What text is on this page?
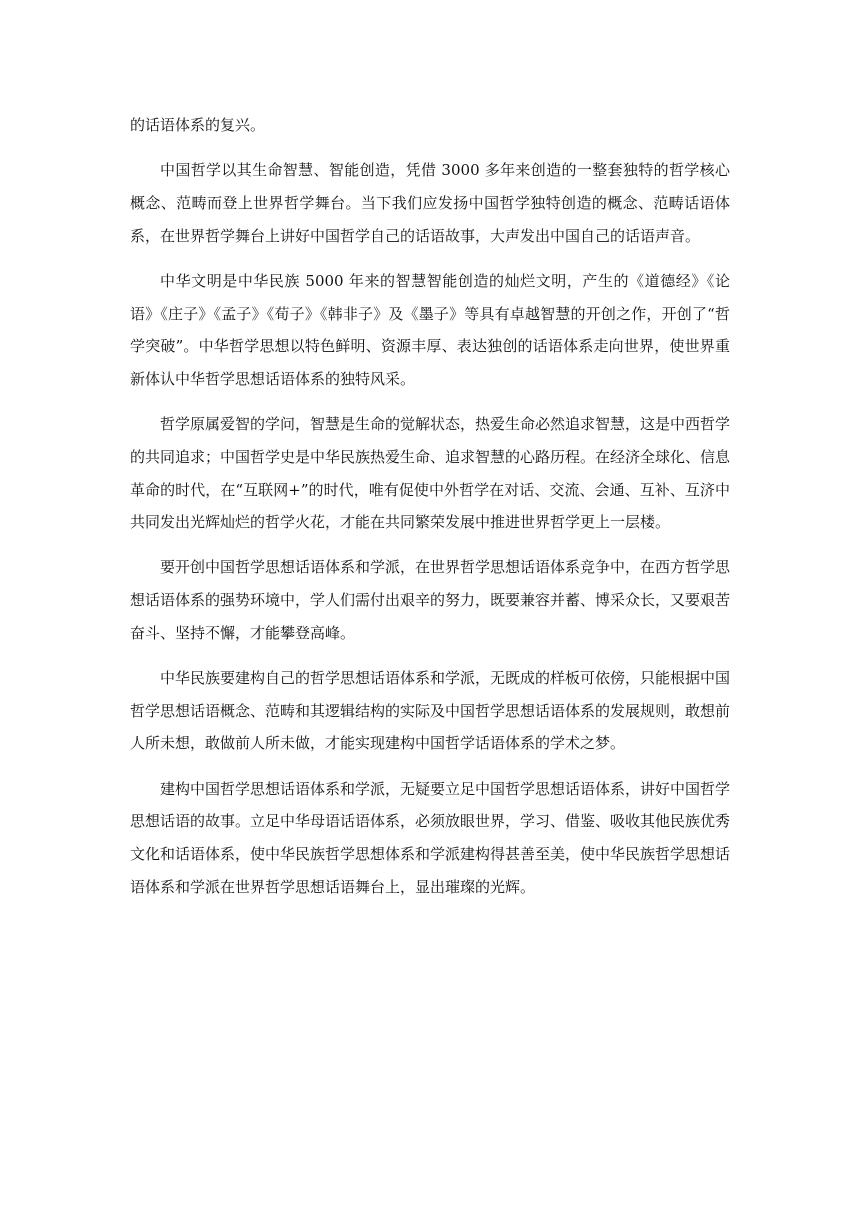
的话语体系的复兴。

中国哲学以其生命智慧、智能创造，凭借 3000 多年来创造的一整套独特的哲学核心概念、范畴而登上世界哲学舞台。当下我们应发扬中国哲学独特创造的概念、范畴话语体系，在世界哲学舞台上讲好中国哲学自己的话语故事，大声发出中国自己的话语声音。

中华文明是中华民族 5000 年来的智慧智能创造的灿烂文明，产生的《道德经》《论语》《庄子》《孟子》《荀子》《韩非子》及《墨子》等具有卓越智慧的开创之作，开创了“哲学突破”。中华哲学思想以特色鲜明、资源丰厚、表达独创的话语体系走向世界，使世界重新体认中华哲学思想话语体系的独特风采。

哲学原属爱智的学问，智慧是生命的觉解状态，热爱生命必然追求智慧，这是中西哲学的共同追求；中国哲学史是中华民族热爱生命、追求智慧的心路历程。在经济全球化、信息革命的时代，在“互联网+”的时代，唯有促使中外哲学在对话、交流、会通、互补、互济中共同发出光辉灿烂的哲学火花，才能在共同繁荣发展中推进世界哲学更上一层楼。

要开创中国哲学思想话语体系和学派，在世界哲学思想话语体系竞争中，在西方哲学思想话语体系的强势环境中，学人们需付出艰辛的努力，既要兼容并蓄、博采众长，又要艰苦奋斗、坚持不懈，才能攀登高峰。

中华民族要建构自己的哲学思想话语体系和学派，无既成的样板可依傍，只能根据中国哲学思想话语概念、范畴和其逻辑结构的实际及中国哲学思想话语体系的发展规则，敢想前人所未想，敢做前人所未做，才能实现建构中国哲学话语体系的学术之梦。

建构中国哲学思想话语体系和学派，无疑要立足中国哲学思想话语体系，讲好中国哲学思想话语的故事。立足中华母语话语体系，必须放眼世界，学习、借鉴、吸收其他民族优秀文化和话语体系，使中华民族哲学思想体系和学派建构得甚善至美，使中华民族哲学思想话语体系和学派在世界哲学思想话语舞台上，显出璀璨的光辉。
